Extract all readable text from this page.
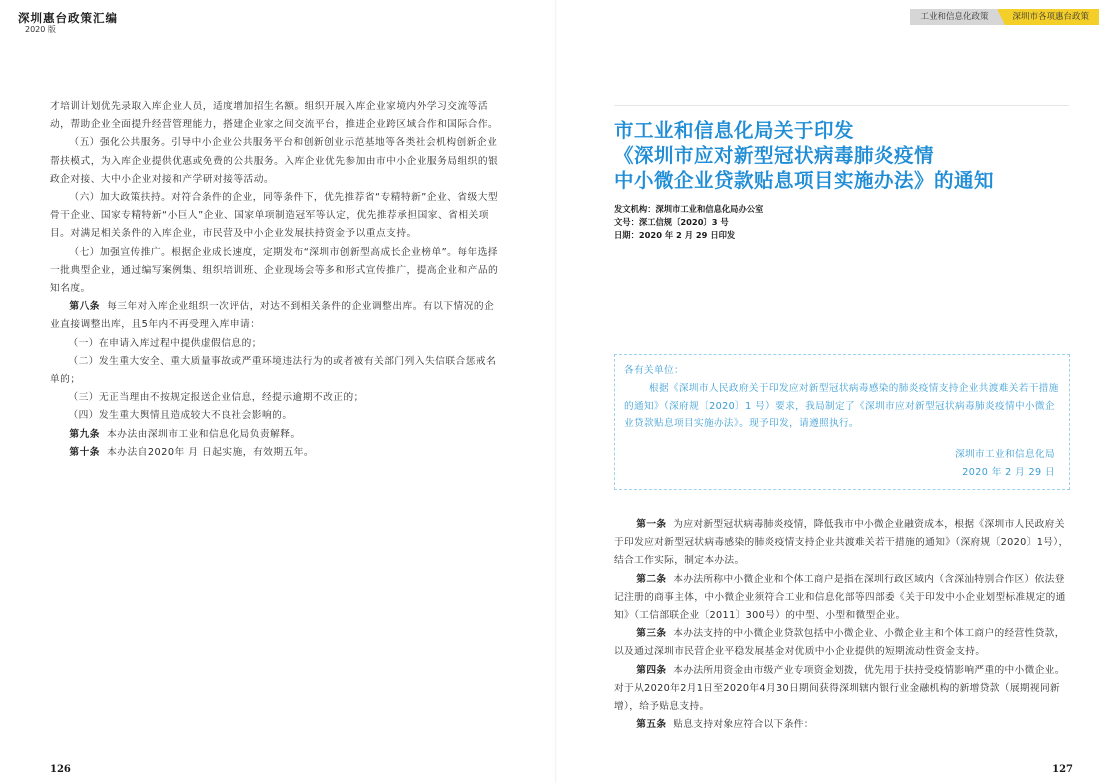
深圳惠台政策汇编
2020 版

才培训计划优先录取入库企业人员，适度增加招生名额。组织开展入库企业家境内外学习交流等活动，帮助企业全面提升经营管理能力，搭建企业家之间交流平台，推进企业跨区域合作和国际合作。

（五）强化公共服务。引导中小企业公共服务平台和创新创业示范基地等各类社会机构创新企业帮扶模式，为入库企业提供优惠或免费的公共服务。入库企业优先参加由市中小企业服务局组织的银政企对接、大中小企业对接和产学研对接等活动。

（六）加大政策扶持。对符合条件的企业，同等条件下，优先推荐省“专精特新”企业、省级大型骨干企业、国家专精特新“小巨人”企业、国家单项制造冠军等认定，优先推荐承担国家、省相关项目。对满足相关条件的入库企业，市民营及中小企业发展扶持资金予以重点支持。

（七）加强宣传推广。根据企业成长速度，定期发布“深圳市创新型高成长企业榜单”。每年选择一批典型企业，通过编写案例集、组织培训班、企业现场会等多和形式宣传推广，提高企业和产品的知名度。

第八条 每三年对入库企业组织一次评估，对达不到相关条件的企业调整出库。有以下情况的企业直接调整出库，且5年内不再受理入库申请：

（一）在申请入库过程中提供虚假信息的；

（二）发生重大安全、重大质量事故或严重环境违法行为的或者被有关部门列入失信联合惩戒名单的；

（三）无正当理由不按规定报送企业信息，经提示逾期不改正的；

（四）发生重大舆情且造成较大不良社会影响的。

第九条 本办法由深圳市工业和信息化局负责解释。

第十条 本办法自2020年 月 日起实施，有效期五年。

126
工业和信息化政策	深圳市各项惠台政策
市工业和信息化局关于印发
《深圳市应对新型冠状病毒肺炎疫情
中小微企业贷款贴息项目实施办法》的通知
发文机构：深圳市工业和信息化局办公室
文号：深工信规〔2020〕3 号
日期：2020 年 2 月 29 日印发
各有关单位：
根据《深圳市人民政府关于印发应对新型冠状病毒感染的肺炎疫情支持企业共渡难关若干措施的通知》（深府规〔2020〕1 号）要求，我局制定了《深圳市应对新型冠状病毒肺炎疫情中小微企业贷款贴息项目实施办法》。现予印发，请遵照执行。
深圳市工业和信息化局
2020 年 2 月 29 日

第一条 为应对新型冠状病毒肺炎疫情，降低我市中小微企业融资成本，根据《深圳市人民政府关于印发应对新型冠状病毒感染的肺炎疫情支持企业共渡难关若干措施的通知》（深府规〔2020〕1号），结合工作实际，制定本办法。

第二条 本办法所称中小微企业和个体工商户是指在深圳行政区域内（含深汕特别合作区）依法登记注册的商事主体，中小微企业须符合工业和信息化部等四部委《关于印发中小企业划型标准规定的通知》（工信部联企业〔2011〕300号）的中型、小型和微型企业。

第三条 本办法支持的中小微企业贷款包括中小微企业、小微企业主和个体工商户的经营性贷款，以及通过深圳市民营企业平稳发展基金对优质中小企业提供的短期流动性资金支持。

第四条 本办法所用资金由市级产业专项资金划拨，优先用于扶持受疫情影响严重的中小微企业。对于从2020年2月1日至2020年4月30日期间获得深圳辖内银行业金融机构的新增贷款（展期视同新增），给予贴息支持。

第五条 贴息支持对象应符合以下条件：

127
